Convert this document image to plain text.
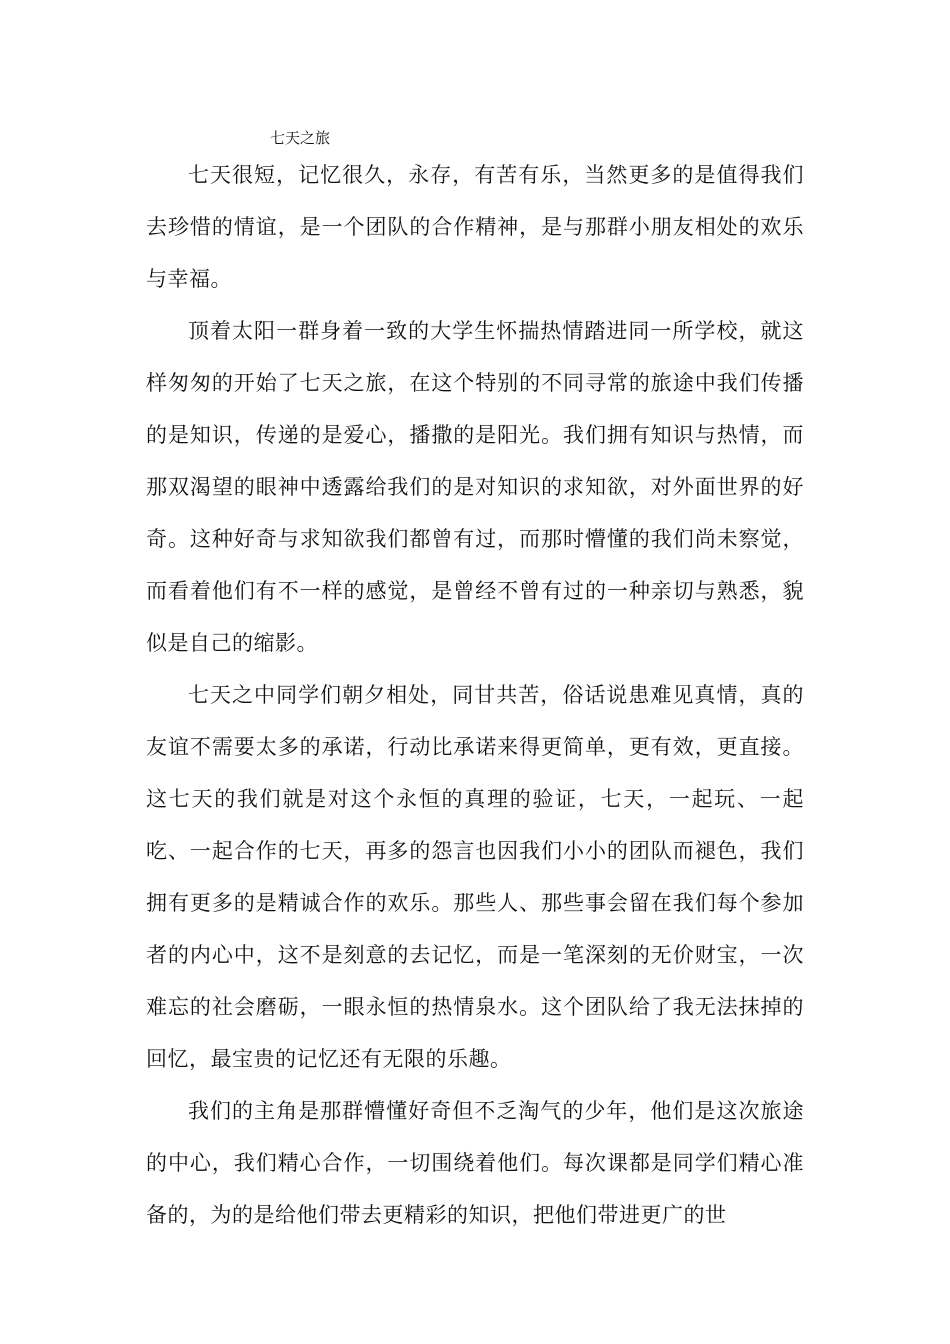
七天之旅

七天很短，记忆很久，永存，有苦有乐，当然更多的是值得我们去珍惜的情谊，是一个团队的合作精神，是与那群小朋友相处的欢乐与幸福。

顶着太阳一群身着一致的大学生怀揣热情踏进同一所学校，就这样匆匆的开始了七天之旅，在这个特别的不同寻常的旅途中我们传播的是知识，传递的是爱心，播撒的是阳光。我们拥有知识与热情，而那双渴望的眼神中透露给我们的是对知识的求知欲，对外面世界的好奇。这种好奇与求知欲我们都曾有过，而那时懵懂的我们尚未察觉，而看着他们有不一样的感觉，是曾经不曾有过的一种亲切与熟悉，貌似是自己的缩影。

七天之中同学们朝夕相处，同甘共苦，俗话说患难见真情，真的友谊不需要太多的承诺，行动比承诺来得更简单，更有效，更直接。这七天的我们就是对这个永恒的真理的验证，七天，一起玩、一起吃、一起合作的七天，再多的怨言也因我们小小的团队而褪色，我们拥有更多的是精诚合作的欢乐。那些人、那些事会留在我们每个参加者的内心中，这不是刻意的去记忆，而是一笔深刻的无价财宝，一次难忘的社会磨砺，一眼永恒的热情泉水。这个团队给了我无法抹掉的回忆，最宝贵的记忆还有无限的乐趣。

我们的主角是那群懵懂好奇但不乏淘气的少年，他们是这次旅途的中心，我们精心合作，一切围绕着他们。每次课都是同学们精心准备的，为的是给他们带去更精彩的知识，把他们带进更广的世
